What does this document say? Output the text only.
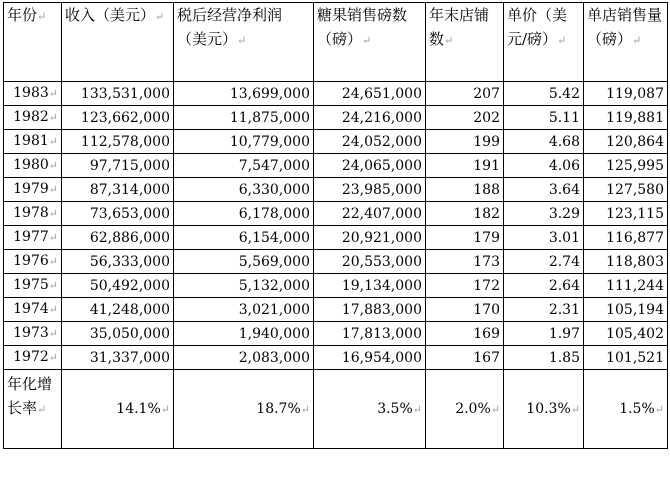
年份↵	收入（美元）↵	税后经营净利润（美元）↵	糖果销售磅数（磅）↵	年末店铺数↵	单价（美元/磅）↵	单店销售量（磅）↵
1983↵	133,531,000	13,699,000	24,651,000	207	5.42	119,087
1982↵	123,662,000	11,875,000	24,216,000	202	5.11	119,881
1981↵	112,578,000	10,779,000	24,052,000	199	4.68	120,864
1980↵	97,715,000	7,547,000	24,065,000	191	4.06	125,995
1979↵	87,314,000	6,330,000	23,985,000	188	3.64	127,580
1978↵	73,653,000	6,178,000	22,407,000	182	3.29	123,115
1977↵	62,886,000	6,154,000	20,921,000	179	3.01	116,877
1976↵	56,333,000	5,569,000	20,553,000	173	2.74	118,803
1975↵	50,492,000	5,132,000	19,134,000	172	2.64	111,244
1974↵	41,248,000	3,021,000	17,883,000	170	2.31	105,194
1973↵	35,050,000	1,940,000	17,813,000	169	1.97	105,402
1972↵	31,337,000	2,083,000	16,954,000	167	1.85	101,521
年化增长率↵	14.1%↵	18.7%↵	3.5%↵	2.0%↵	10.3%↵	1.5%↵
